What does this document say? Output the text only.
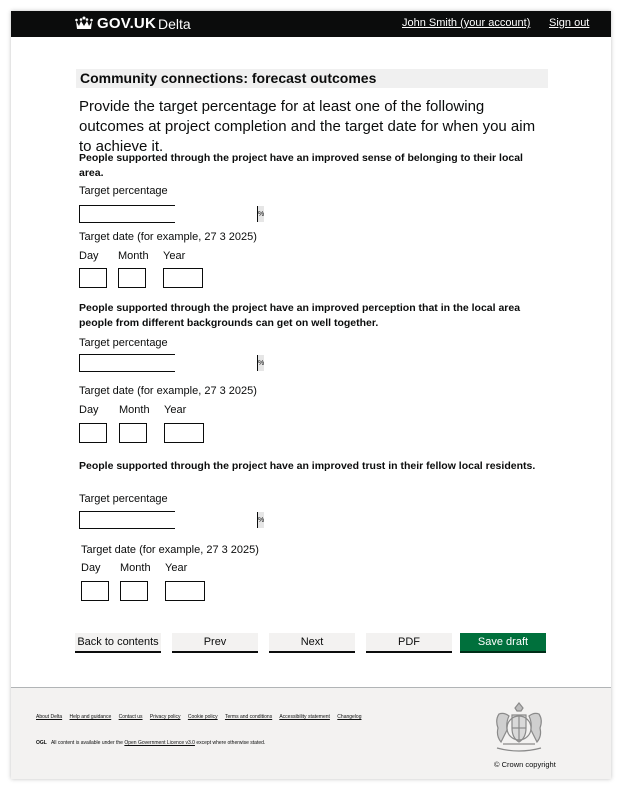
GOV.UK Delta	John Smith (your account) Sign out
Community connections: forecast outcomes
Provide the target percentage for at least one of the following outcomes at project completion and the target date for when you aim to achieve it.
People supported through the project have an improved sense of belonging to their local area.
Target percentage
%
Target date (for example, 27 3 2025)
Day Month Year
People supported through the project have an improved perception that in the local area people from different backgrounds can get on well together.
Target percentage
%
Target date (for example, 27 3 2025)
Day Month Year
People supported through the project have an improved trust in their fellow local residents.
Target percentage
%
Target date (for example, 27 3 2025)
Day Month Year
Back to contents	Prev	Next	PDF	Save draft
About Delta Help and guidance Contact us Privacy policy Cookie policy Terms and conditions Accessibility statement Changelog
OGL All content is available under the Open Government Licence v3.0 except where otherwise stated.
© Crown copyright
